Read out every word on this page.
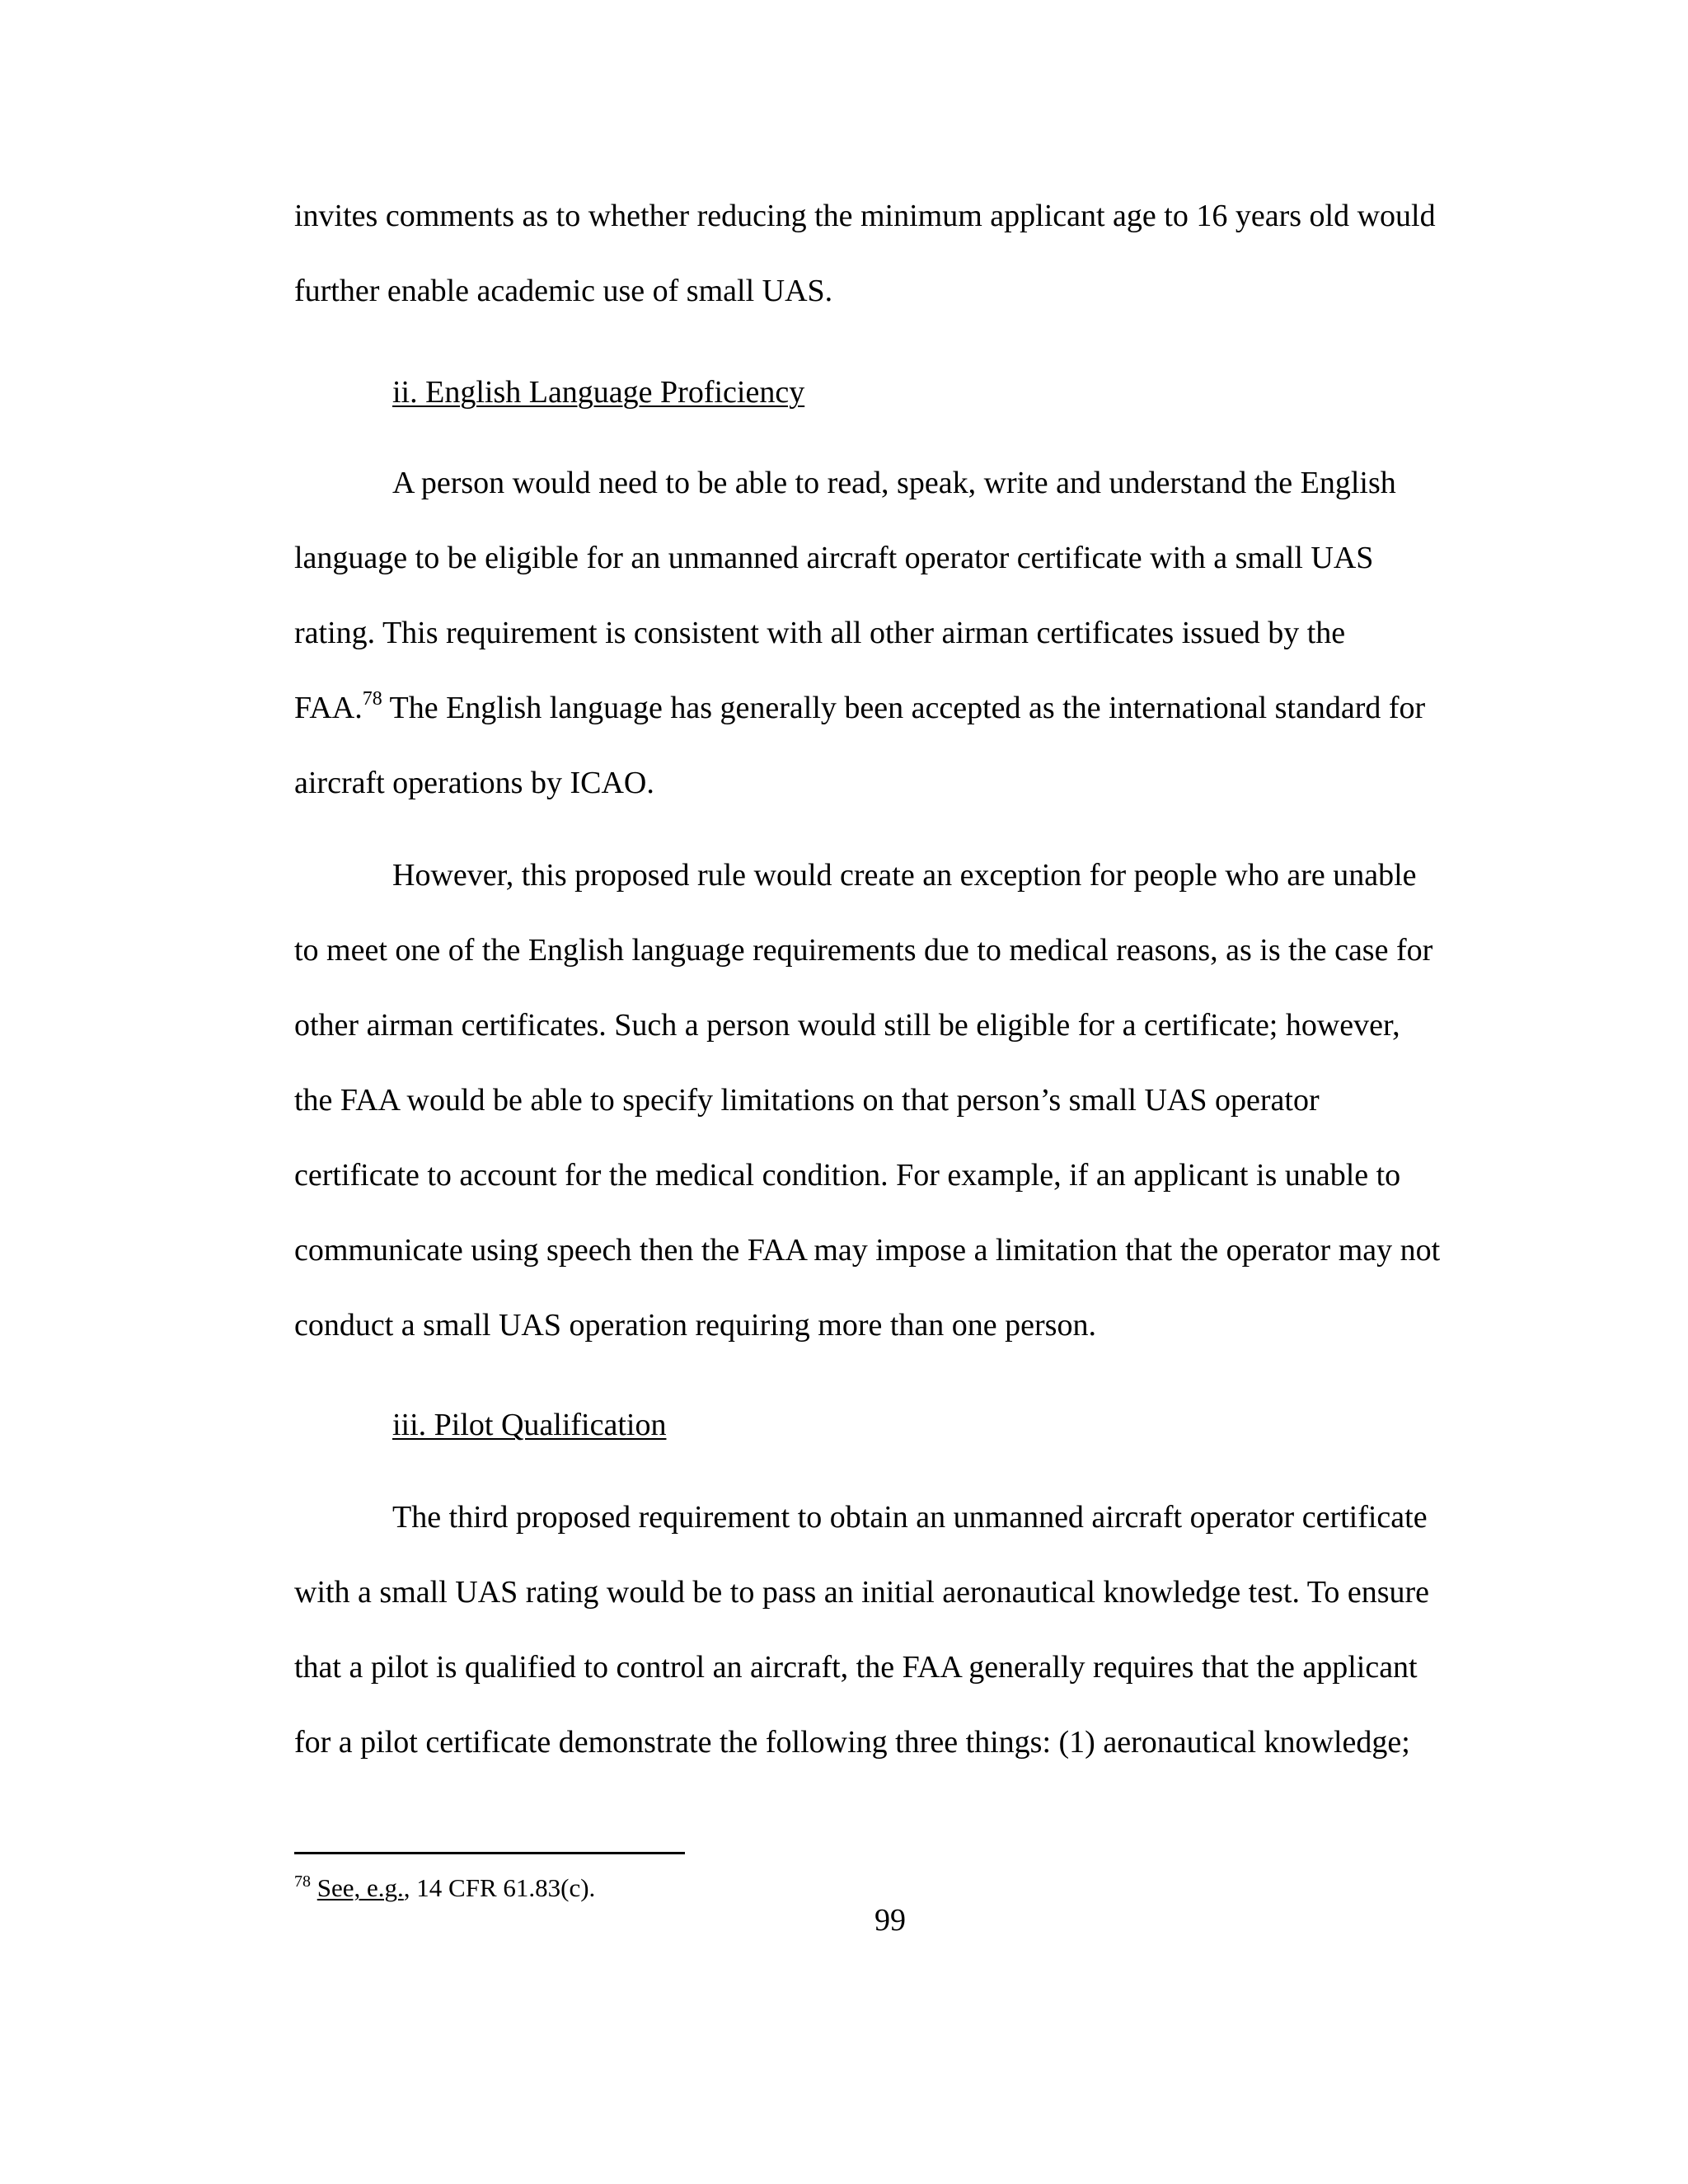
invites comments as to whether reducing the minimum applicant age to 16 years old would
further enable academic use of small UAS.
ii. English Language Proficiency
A person would need to be able to read, speak, write and understand the English
language to be eligible for an unmanned aircraft operator certificate with a small UAS
rating. This requirement is consistent with all other airman certificates issued by the
FAA.$^{78}$ The English language has generally been accepted as the international standard for
aircraft operations by ICAO.
However, this proposed rule would create an exception for people who are unable
to meet one of the English language requirements due to medical reasons, as is the case for
other airman certificates. Such a person would still be eligible for a certificate; however,
the FAA would be able to specify limitations on that person’s small UAS operator
certificate to account for the medical condition. For example, if an applicant is unable to
communicate using speech then the FAA may impose a limitation that the operator may not
conduct a small UAS operation requiring more than one person.
iii. Pilot Qualification
The third proposed requirement to obtain an unmanned aircraft operator certificate
with a small UAS rating would be to pass an initial aeronautical knowledge test. To ensure
that a pilot is qualified to control an aircraft, the FAA generally requires that the applicant
for a pilot certificate demonstrate the following three things: (1) aeronautical knowledge;
$^{78}$ See, e.g., 14 CFR 61.83(c).
99
